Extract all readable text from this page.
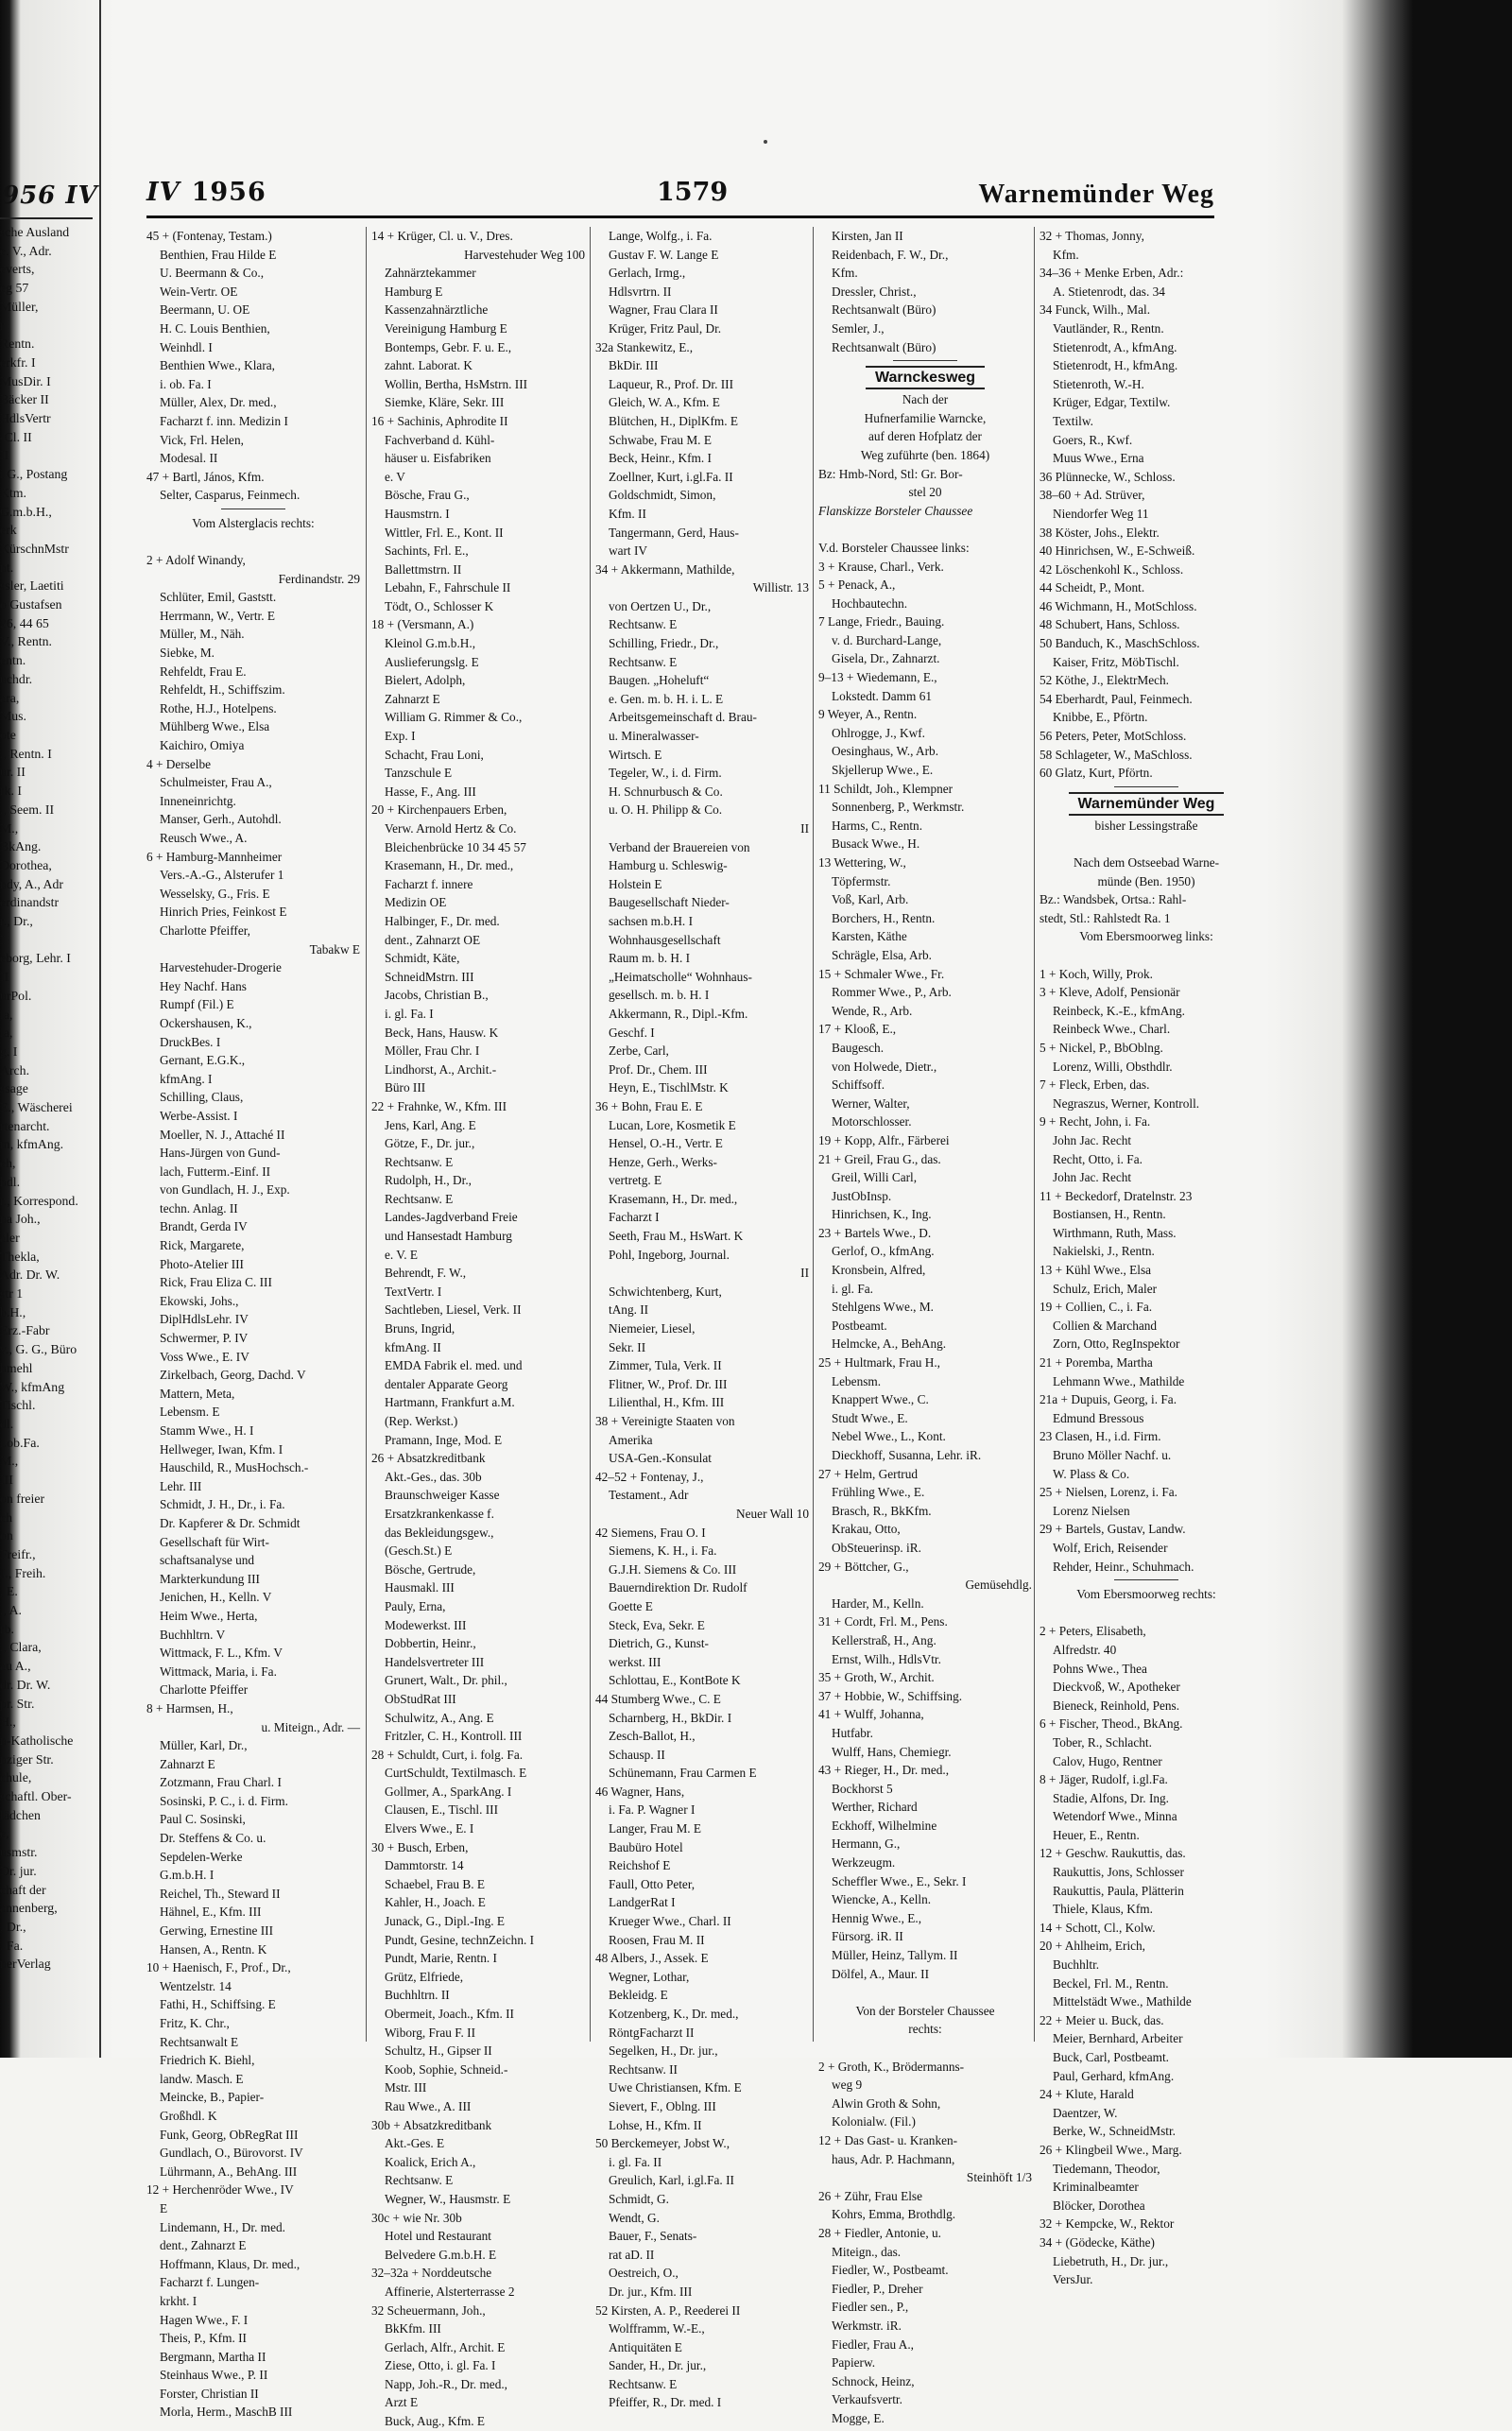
956 IV
sche Ausland
e. V., Adr.
everts,
eg 57
Müller,
r
Rentn.
erkfr. I
MusDir. I
Bäcker II
HdlsVertr
-Cl. II
II
i G., Postang
Ktm.
G.m.b.H.,
erk
KürschnMstr
nt.
ssler, Laetiti
o Gustafsen
26, 44 65
V., Rentn.
entn.
uchdr.
ara,
Mus.
ote
., Rentn. I
ur. II
rk. I
., Seem. II
M.,
BkAng.
Dorothea,
ndy, A., Adr
erdinandstr
r., Dr.,
I
eborg, Lehr. I
II
urPol.
ia,
ia,
g. I
Arch.
ssage
E., Wäscherei
rtenarcht.
m, kfmAng.
eh,
hdl.
r., Korrespond.
na Joh.,
aler
Thekla,
Adr. Dr. W.
str 1
b.H.,
Erz.-Fabr
v., G. G., Büro
hmehl
W., kfmAng
Tischl.
dl.
i.ob.Fa.
M.,
III
on freier
ch
on
Freifr.,
J., Freih.
, E.
., A.
rb.
., Clara,
au A.,
dr. Dr. W.
pr. Str.
H.,
n-Katholische
nziger Str.
chule,
schaftl. Ober-
lädchen
e,
usmstr.
Dr. jur.
chaft der
annenberg,
, Dr.,
. Fa.
nerVerlag
IV 1956	1579	Warnemünder Weg
45 + (Fontenay, Testam.)
Benthien, Frau Hilde E
U. Beermann & Co.,
Wein-Vertr. OE
Beermann, U. OE
H. C. Louis Benthien,
Weinhdl. I
Benthien Wwe., Klara,
i. ob. Fa. I
Müller, Alex, Dr. med.,
Facharzt f. inn. Medizin I
Vick, Frl. Helen,
Modesal. II
47 + Bartl, János, Kfm.
Selter, Casparus, Feinmech.
Vom Alsterglacis rechts:
2 + Adolf Winandy,
Ferdinandstr. 29
Schlüter, Emil, Gaststt.
Herrmann, W., Vertr. E
Müller, M., Näh.
Siebke, M.
Rehfeldt, Frau E.
Rehfeldt, H., Schiffszim.
Rothe, H.J., Hotelpens.
Mühlberg Wwe., Elsa
Kaichiro, Omiya
4 + Derselbe
Schulmeister, Frau A.,
Inneneinrichtg.
Manser, Gerh., Autohdl.
Reusch Wwe., A.
6 + Hamburg-Mannheimer
Vers.-A.-G., Alsterufer 1
Wesselsky, G., Fris. E
Hinrich Pries, Feinkost E
Charlotte Pfeiffer,
Tabakw E
Harvestehuder-Drogerie
Hey Nachf. Hans
Rumpf (Fil.) E
Ockershausen, K.,
DruckBes. I
Gernant, E.G.K.,
kfmAng. I
Schilling, Claus,
Werbe-Assist. I
Moeller, N. J., Attaché II
Hans-Jürgen von Gund-
lach, Futterm.-Einf. II
von Gundlach, H. J., Exp.
techn. Anlag. II
Brandt, Gerda IV
Rick, Margarete,
Photo-Atelier III
Rick, Frau Eliza C. III
Ekowski, Johs.,
DiplHdlsLehr. IV
Schwermer, P. IV
Voss Wwe., E. IV
Zirkelbach, Georg, Dachd. V
Mattern, Meta,
Lebensm. E
Stamm Wwe., H. I
Hellweger, Iwan, Kfm. I
Hauschild, R., MusHochsch.-
Lehr. III
Schmidt, J. H., Dr., i. Fa.
Dr. Kapferer & Dr. Schmidt
Gesellschaft für Wirt-
schaftsanalyse und
Markterkundung III
Jenichen, H., Kelln. V
Heim Wwe., Herta,
Buchhltrn. V
Wittmack, F. L., Kfm. V
Wittmack, Maria, i. Fa.
Charlotte Pfeiffer
8 + Harmsen, H.,
u. Miteign., Adr. —
Müller, Karl, Dr.,
Zahnarzt E
Zotzmann, Frau Charl. I
Sosinski, P. C., i. d. Firm.
Paul C. Sosinski,
Dr. Steffens & Co. u.
Sepdelen-Werke
G.m.b.H. I
Reichel, Th., Steward II
Hähnel, E., Kfm. III
Gerwing, Ernestine III
Hansen, A., Rentn. K
10 + Haenisch, F., Prof., Dr.,
Wentzelstr. 14
Fathi, H., Schiffsing. E
Fritz, K. Chr.,
Rechtsanwalt E
Friedrich K. Biehl,
landw. Masch. E
Meincke, B., Papier-
Großhdl. K
Funk, Georg, ObRegRat III
Gundlach, O., Bürovorst. IV
Lührmann, A., BehAng. III
12 + Herchenröder Wwe., IV
E
Lindemann, H., Dr. med.
dent., Zahnarzt E
Hoffmann, Klaus, Dr. med.,
Facharzt f. Lungen-
krkht. I
Hagen Wwe., F. I
Theis, P., Kfm. II
Bergmann, Martha II
Steinhaus Wwe., P. II
Forster, Christian II
Morla, Herm., MaschB III
14 + Krüger, Cl. u. V., Dres.
Harvestehuder Weg 100
Zahnärztekammer
Hamburg E
Kassenzahnärztliche
Vereinigung Hamburg E
Bontemps, Gebr. F. u. E.,
zahnt. Laborat. K
Wollin, Bertha, HsMstrn. III
Siemke, Kläre, Sekr. III
16 + Sachinis, Aphrodite II
Fachverband d. Kühl-
häuser u. Eisfabriken
e. V
Bösche, Frau G.,
Hausmstrn. I
Wittler, Frl. E., Kont. II
Sachints, Frl. E.,
Ballettmstrn. II
Lebahn, F., Fahrschule II
Tödt, O., Schlosser K
18 + (Versmann, A.)
Kleinol G.m.b.H.,
Auslieferungslg. E
Bielert, Adolph,
Zahnarzt E
William G. Rimmer & Co.,
Exp. I
Schacht, Frau Loni,
Tanzschule E
Hasse, F., Ang. III
20 + Kirchenpauers Erben,
Verw. Arnold Hertz & Co.
Bleichenbrücke 10 34 45 57
Krasemann, H., Dr. med.,
Facharzt f. innere
Medizin OE
Halbinger, F., Dr. med.
dent., Zahnarzt OE
Schmidt, Käte,
SchneidMstrn. III
Jacobs, Christian B.,
i. gl. Fa. I
Beck, Hans, Hausw. K
Möller, Frau Chr. I
Lindhorst, A., Archit.-
Büro III
22 + Frahnke, W., Kfm. III
Jens, Karl, Ang. E
Götze, F., Dr. jur.,
Rechtsanw. E
Rudolph, H., Dr.,
Rechtsanw. E
Landes-Jagdverband Freie
und Hansestadt Hamburg
e. V. E
Behrendt, F. W.,
TextVertr. I
Sachtleben, Liesel, Verk. II
Bruns, Ingrid,
kfmAng. II
EMDA Fabrik el. med. und
dentaler Apparate Georg
Hartmann, Frankfurt a.M.
(Rep. Werkst.)
Pramann, Inge, Mod. E
26 + Absatzkreditbank
Akt.-Ges., das. 30b
Braunschweiger Kasse
Ersatzkrankenkasse f.
das Bekleidungsgew.,
(Gesch.St.) E
Bösche, Gertrude,
Hausmakl. III
Pauly, Erna,
Modewerkst. III
Dobbertin, Heinr.,
Handelsvertreter III
Grunert, Walt., Dr. phil.,
ObStudRat III
Schulwitz, A., Ang. E
Fritzler, C. H., Kontroll. III
28 + Schuldt, Curt, i. folg. Fa.
CurtSchuldt, Textilmasch. E
Gollmer, A., SparkAng. I
Clausen, E., Tischl. III
Elvers Wwe., E. I
30 + Busch, Erben,
Dammtorstr. 14
Schaebel, Frau B. E
Kahler, H., Joach. E
Junack, G., Dipl.-Ing. E
Pundt, Gesine, technZeichn. I
Pundt, Marie, Rentn. I
Grütz, Elfriede,
Buchhltrn. II
Obermeit, Joach., Kfm. II
Wiborg, Frau F. II
Schultz, H., Gipser II
Koob, Sophie, Schneid.-
Mstr. III
Rau Wwe., A. III
30b + Absatzkreditbank
Akt.-Ges. E
Koalick, Erich A.,
Rechtsanw. E
Wegner, W., Hausmstr. E
30c + wie Nr. 30b
Hotel und Restaurant
Belvedere G.m.b.H. E
32–32a + Norddeutsche
Affinerie, Alsterterrasse 2
32 Scheuermann, Joh.,
BkKfm. III
Gerlach, Alfr., Archit. E
Ziese, Otto, i. gl. Fa. I
Napp, Joh.-R., Dr. med.,
Arzt E
Buck, Aug., Kfm. E
Lange, Wolfg., i. Fa.
Gustav F. W. Lange E
Gerlach, Irmg.,
Hdlsvrtrn. II
Wagner, Frau Clara II
Krüger, Fritz Paul, Dr.
32a Stankewitz, E.,
BkDir. III
Laqueur, R., Prof. Dr. III
Gleich, W. A., Kfm. E
Blütchen, H., DiplKfm. E
Schwabe, Frau M. E
Beck, Heinr., Kfm. I
Zoellner, Kurt, i.gl.Fa. II
Goldschmidt, Simon,
Kfm. II
Tangermann, Gerd, Haus-
wart IV
34 + Akkermann, Mathilde,
Willistr. 13
von Oertzen U., Dr.,
Rechtsanw. E
Schilling, Friedr., Dr.,
Rechtsanw. E
Baugen. „Hoheluft“
e. Gen. m. b. H. i. L. E
Arbeitsgemeinschaft d. Brau-
u. Mineralwasser-
Wirtsch. E
Tegeler, W., i. d. Firm.
H. Schnurbusch & Co.
u. O. H. Philipp & Co.
II
Verband der Brauereien von
Hamburg u. Schleswig-
Holstein E
Baugesellschaft Nieder-
sachsen m.b.H. I
Wohnhausgesellschaft
Raum m. b. H. I
„Heimatscholle“ Wohnhaus-
gesellsch. m. b. H. I
Akkermann, R., Dipl.-Kfm.
Geschf. I
Zerbe, Carl,
Prof. Dr., Chem. III
Heyn, E., TischlMstr. K
36 + Bohn, Frau E. E
Lucan, Lore, Kosmetik E
Hensel, O.-H., Vertr. E
Henze, Gerh., Werks-
vertretg. E
Krasemann, H., Dr. med.,
Facharzt I
Seeth, Frau M., HsWart. K
Pohl, Ingeborg, Journal.
II
Schwichtenberg, Kurt,
tAng. II
Niemeier, Liesel,
Sekr. II
Zimmer, Tula, Verk. II
Flitner, W., Prof. Dr. III
Lilienthal, H., Kfm. III
38 + Vereinigte Staaten von
Amerika
USA-Gen.-Konsulat
42–52 + Fontenay, J.,
Testament., Adr
Neuer Wall 10
42 Siemens, Frau O. I
Siemens, K. H., i. Fa.
G.J.H. Siemens & Co. III
Bauerndirektion Dr. Rudolf
Goette E
Steck, Eva, Sekr. E
Dietrich, G., Kunst-
werkst. III
Schlottau, E., KontBote K
44 Stumberg Wwe., C. E
Scharnberg, H., BkDir. I
Zesch-Ballot, H.,
Schausp. II
Schünemann, Frau Carmen E
46 Wagner, Hans,
i. Fa. P. Wagner I
Langer, Frau M. E
Baubüro Hotel
Reichshof E
Faull, Otto Peter,
LandgerRat I
Krueger Wwe., Charl. II
Roosen, Frau M. II
48 Albers, J., Assek. E
Wegner, Lothar,
Bekleidg. E
Kotzenberg, K., Dr. med.,
RöntgFacharzt II
Segelken, H., Dr. jur.,
Rechtsanw. II
Uwe Christiansen, Kfm. E
Sievert, F., Oblng. III
Lohse, H., Kfm. II
50 Berckemeyer, Jobst W.,
i. gl. Fa. II
Greulich, Karl, i.gl.Fa. II
Schmidt, G.
Wendt, G.
Bauer, F., Senats-
rat aD. II
Oestreich, O.,
Dr. jur., Kfm. III
52 Kirsten, A. P., Reederei II
Wolfframm, W.-E.,
Antiquitäten E
Sander, H., Dr. jur.,
Rechtsanw. E
Pfeiffer, R., Dr. med. I
Kirsten, Jan II
Reidenbach, F. W., Dr.,
Kfm.
Dressler, Christ.,
Rechtsanwalt (Büro)
Semler, J.,
Rechtsanwalt (Büro)
Warnckesweg
Nach der
Hufnerfamilie Warncke,
auf deren Hofplatz der
Weg zuführte (ben. 1864)
Bz: Hmb-Nord, Stl: Gr. Bor-
stel 20
Flanskizze Borsteler Chaussee
V.d. Borsteler Chaussee links:
3 + Krause, Charl., Verk.
5 + Penack, A.,
Hochbautechn.
7 Lange, Friedr., Bauing.
v. d. Burchard-Lange,
Gisela, Dr., Zahnarzt.
9–13 + Wiedemann, E.,
Lokstedt. Damm 61
9 Weyer, A., Rentn.
Ohlrogge, J., Kwf.
Oesinghaus, W., Arb.
Skjellerup Wwe., E.
11 Schildt, Joh., Klempner
Sonnenberg, P., Werkmstr.
Harms, C., Rentn.
Busack Wwe., H.
13 Wettering, W.,
Töpfermstr.
Voß, Karl, Arb.
Borchers, H., Rentn.
Karsten, Käthe
Schrägle, Elsa, Arb.
15 + Schmaler Wwe., Fr.
Rommer Wwe., P., Arb.
Wende, R., Arb.
17 + Klooß, E.,
Baugesch.
von Holwede, Dietr.,
Schiffsoff.
Werner, Walter,
Motorschlosser.
19 + Kopp, Alfr., Färberei
21 + Greil, Frau G., das.
Greil, Willi Carl,
JustObInsp.
Hinrichsen, K., Ing.
23 + Bartels Wwe., D.
Gerlof, O., kfmAng.
Kronsbein, Alfred,
i. gl. Fa.
Stehlgens Wwe., M.
Postbeamt.
Helmcke, A., BehAng.
25 + Hultmark, Frau H.,
Lebensm.
Knappert Wwe., C.
Studt Wwe., E.
Nebel Wwe., L., Kont.
Dieckhoff, Susanna, Lehr. iR.
27 + Helm, Gertrud
Frühling Wwe., E.
Brasch, R., BkKfm.
Krakau, Otto,
ObSteuerinsp. iR.
29 + Böttcher, G.,
Gemüsehdlg.
Harder, M., Kelln.
31 + Cordt, Frl. M., Pens.
Kellerstraß, H., Ang.
Ernst, Wilh., HdlsVtr.
35 + Groth, W., Archit.
37 + Hobbie, W., Schiffsing.
41 + Wulff, Johanna,
Hutfabr.
Wulff, Hans, Chemiegr.
43 + Rieger, H., Dr. med.,
Bockhorst 5
Werther, Richard
Eckhoff, Wilhelmine
Hermann, G.,
Werkzeugm.
Scheffler Wwe., E., Sekr. I
Wiencke, A., Kelln.
Hennig Wwe., E.,
Fürsorg. iR. II
Müller, Heinz, Tallym. II
Dölfel, A., Maur. II
Von der Borsteler Chaussee
rechts:
2 + Groth, K., Brödermanns-
weg 9
Alwin Groth & Sohn,
Kolonialw. (Fil.)
12 + Das Gast- u. Kranken-
haus, Adr. P. Hachmann,
Steinhöft 1/3
26 + Zühr, Frau Else
Kohrs, Emma, Brothdlg.
28 + Fiedler, Antonie, u.
Miteign., das.
Fiedler, W., Postbeamt.
Fiedler, P., Dreher
Fiedler sen., P.,
Werkmstr. iR.
Fiedler, Frau A.,
Papierw.
Schnock, Heinz,
Verkaufsvertr.
Mogge, E.
32 + Thomas, Jonny,
Kfm.
34–36 + Menke Erben, Adr.:
A. Stietenrodt, das. 34
34 Funck, Wilh., Mal.
Vautländer, R., Rentn.
Stietenrodt, A., kfmAng.
Stietenrodt, H., kfmAng.
Stietenroth, W.-H.
Krüger, Edgar, Textilw.
Textilw.
Goers, R., Kwf.
Muus Wwe., Erna
36 Plünnecke, W., Schloss.
38–60 + Ad. Strüver,
Niendorfer Weg 11
38 Köster, Johs., Elektr.
40 Hinrichsen, W., E-Schweiß.
42 Löschenkohl K., Schloss.
44 Scheidt, P., Mont.
46 Wichmann, H., MotSchloss.
48 Schubert, Hans, Schloss.
50 Banduch, K., MaschSchloss.
Kaiser, Fritz, MöbTischl.
52 Köthe, J., ElektrMech.
54 Eberhardt, Paul, Feinmech.
Knibbe, E., Pförtn.
56 Peters, Peter, MotSchloss.
58 Schlageter, W., MaSchloss.
60 Glatz, Kurt, Pförtn.
Warnemünder Weg
bisher Lessingstraße
Nach dem Ostseebad Warne-
münde (Ben. 1950)
Bz.: Wandsbek, Ortsa.: Rahl-
stedt, Stl.: Rahlstedt Ra. 1
Vom Ebersmoorweg links:
1 + Koch, Willy, Prok.
3 + Kleve, Adolf, Pensionär
Reinbeck, K.-E., kfmAng.
Reinbeck Wwe., Charl.
5 + Nickel, P., BbOblng.
Lorenz, Willi, Obsthdlr.
7 + Fleck, Erben, das.
Negraszus, Werner, Kontroll.
9 + Recht, John, i. Fa.
John Jac. Recht
Recht, Otto, i. Fa.
John Jac. Recht
11 + Beckedorf, Dratelnstr. 23
Bostiansen, H., Rentn.
Wirthmann, Ruth, Mass.
Nakielski, J., Rentn.
13 + Kühl Wwe., Elsa
Schulz, Erich, Maler
19 + Collien, C., i. Fa.
Collien & Marchand
Zorn, Otto, RegInspektor
21 + Poremba, Martha
Lehmann Wwe., Mathilde
21a + Dupuis, Georg, i. Fa.
Edmund Bressous
23 Clasen, H., i.d. Firm.
Bruno Möller Nachf. u.
W. Plass & Co.
25 + Nielsen, Lorenz, i. Fa.
Lorenz Nielsen
29 + Bartels, Gustav, Landw.
Wolf, Erich, Reisender
Rehder, Heinr., Schuhmach.
Vom Ebersmoorweg rechts:
2 + Peters, Elisabeth,
Alfredstr. 40
Pohns Wwe., Thea
Dieckvoß, W., Apotheker
Bieneck, Reinhold, Pens.
6 + Fischer, Theod., BkAng.
Tober, R., Schlacht.
Calov, Hugo, Rentner
8 + Jäger, Rudolf, i.gl.Fa.
Stadie, Alfons, Dr. Ing.
Wetendorf Wwe., Minna
Heuer, E., Rentn.
12 + Geschw. Raukuttis, das.
Raukuttis, Jons, Schlosser
Raukuttis, Paula, Plätterin
Thiele, Klaus, Kfm.
14 + Schott, Cl., Kolw.
20 + Ahlheim, Erich,
Buchhltr.
Beckel, Frl. M., Rentn.
Mittelstädt Wwe., Mathilde
22 + Meier u. Buck, das.
Meier, Bernhard, Arbeiter
Buck, Carl, Postbeamt.
Paul, Gerhard, kfmAng.
24 + Klute, Harald
Daentzer, W.
Berke, W., SchneidMstr.
26 + Klingbeil Wwe., Marg.
Tiedemann, Theodor,
Kriminalbeamter
Blöcker, Dorothea
32 + Kempcke, W., Rektor
34 + (Gödecke, Käthe)
Liebetruth, H., Dr. jur.,
VersJur.
